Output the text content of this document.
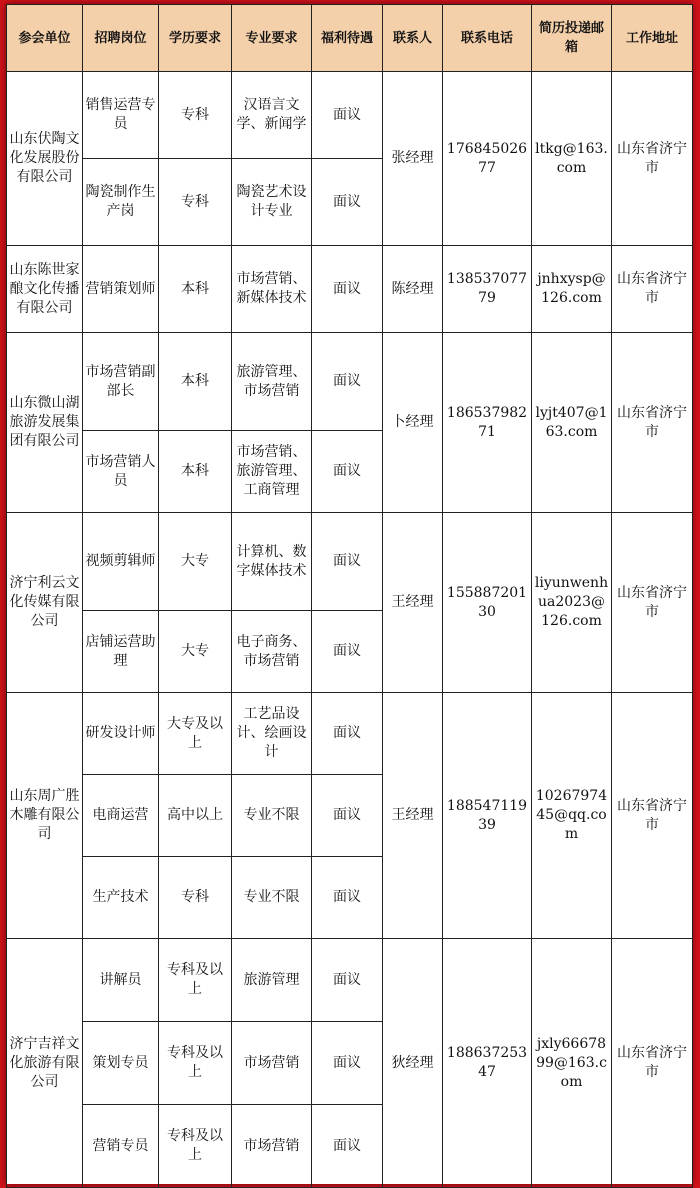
参会单位	招聘岗位	学历要求	专业要求	福利待遇	联系人	联系电话	简历投递邮箱	工作地址
山东伏陶文化发展股份有限公司	销售运营专员	专科	汉语言文学、新闻学	面议	张经理	17684502677	ltkg@163.com	山东省济宁市
	陶瓷制作生产岗	专科	陶瓷艺术设计专业	面议				
山东陈世家酿文化传播有限公司	营销策划师	本科	市场营销、新媒体技术	面议	陈经理	13853707779	jnhxysp@126.com	山东省济宁市
山东微山湖旅游发展集团有限公司	市场营销副部长	本科	旅游管理、市场营销	面议	卜经理	18653798271	lyjt407@163.com	山东省济宁市
	市场营销人员	本科	市场营销、旅游管理、工商管理	面议				
济宁利云文化传媒有限公司	视频剪辑师	大专	计算机、数字媒体技术	面议	王经理	15588720130	liyunwenhua2023@126.com	山东省济宁市
	店铺运营助理	大专	电子商务、市场营销	面议				
山东周广胜木雕有限公司	研发设计师	大专及以上	工艺品设计、绘画设计	面议	王经理	18854711939	1026797445@qq.com	山东省济宁市
	电商运营	高中以上	专业不限	面议				
	生产技术	专科	专业不限	面议				
济宁吉祥文化旅游有限公司	讲解员	专科及以上	旅游管理	面议	狄经理	18863725347	jxly6667899@163.com	山东省济宁市
	策划专员	专科及以上	市场营销	面议				
	营销专员	专科及以上	市场营销	面议				
